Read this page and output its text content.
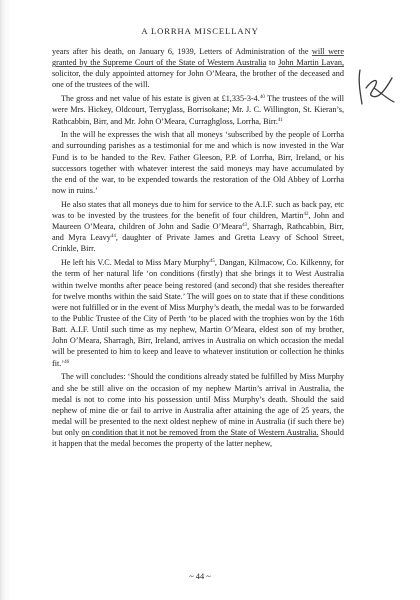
A LORRHA MISCELLANY

years after his death, on January 6, 1939, Letters of Administration of the will were granted by the Supreme Court of the State of Western Australia to John Martin Lavan, solicitor, the duly appointed attorney for John O’Meara, the brother of the deceased and one of the trustees of the will.

The gross and net value of his estate is given at £1,335-3-4.40 The trustees of the will were Mrs. Hickey, Oldcourt, Terryglass, Borrisokane; Mr. J. C. Willington, St. Kieran’s, Rathcabbin, Birr, and Mr. John O’Meara, Curraghgloss, Lorrha, Birr.$^{41}$

In the will he expresses the wish that all moneys ‘subscribed by the people of Lorrha and surrounding parishes as a testimonial for me and which is now invested in the War Fund is to be handed to the Rev. Father Gleeson, P.P. of Lorrha, Birr, Ireland, or his successors together with whatever interest the said moneys may have accumulated by the end of the war, to be expended towards the restoration of the Old Abbey of Lorrha now in ruins.’

He also states that all moneys due to him for service to the A.I.F. such as back pay, etc was to be invested by the trustees for the benefit of four children, Martin$^{42}$, John and Maureen O’Meara, children of John and Sadie O’Meara$^{43}$, Sharragh, Rathcabbin, Birr, and Myra Leavy$^{44}$, daughter of Private James and Gretta Leavy of School Street, Crinkle, Birr.

He left his V.C. Medal to Miss Mary Murphy$^{45}$, Dangan, Kilmacow, Co. Kilkenny, for the term of her natural life ‘on conditions (firstly) that she brings it to West Australia within twelve months after peace being restored (and second) that she resides thereafter for twelve months within the said State.’ The will goes on to state that if these conditions were not fulfilled or in the event of Miss Murphy’s death, the medal was to be forwarded to the Public Trustee of the City of Perth ‘to be placed with the trophies won by the 16th Batt. A.I.F. Until such time as my nephew, Martin O’Meara, eldest son of my brother, John O’Meara, Sharragh, Birr, Ireland, arrives in Australia on which occasion the medal will be presented to him to keep and leave to whatever institution or collection he thinks fit.’$^{46}$

The will concludes: ‘Should the conditions already stated be fulfilled by Miss Murphy and she be still alive on the occasion of my nephew Martin’s arrival in Australia, the medal is not to come into his possession until Miss Murphy’s death. Should the said nephew of mine die or fail to arrive in Australia after attaining the age of 25 years, the medal will be presented to the next oldest nephew of mine in Australia (if such there be) but only on condition that it not be removed from the State of Western Australia. Should it happen that the medal becomes the property of the latter nephew,

~ 44 ~
